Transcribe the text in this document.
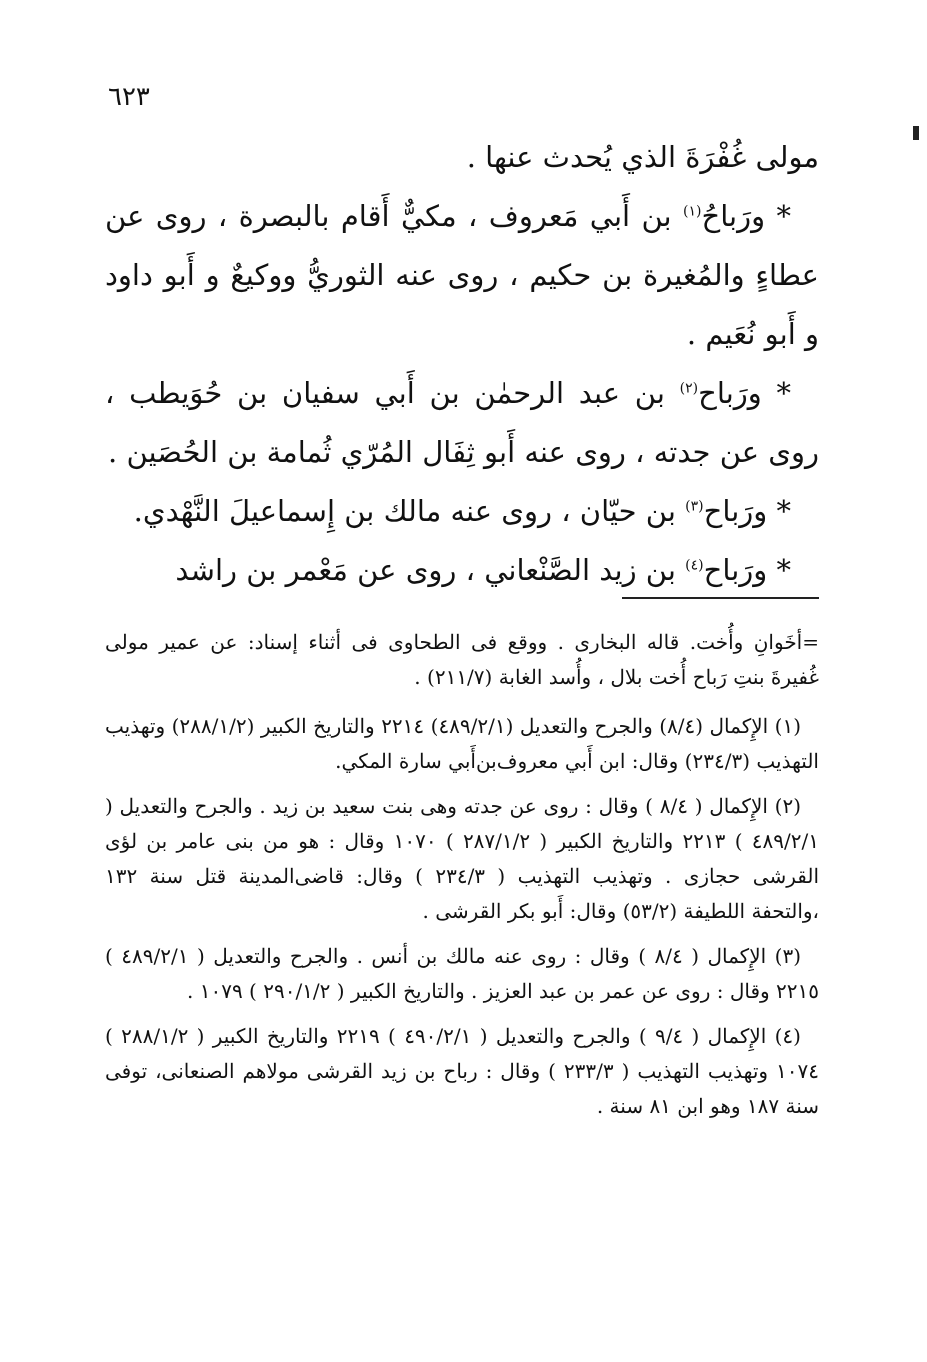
٦٢٣

مولى غُفْرَةَ الذي يُحدث عنها .

* ورَباحُ$^{(١)}$ بن أَبي مَعروف ، مكيٌّ أَقام بالبصرة ، روى عن عطاءٍ والمُغيرة بن حكيم ، روى عنه الثوريُّ ووكيعٌ و أَبو داود و أَبو نُعَيم .

* ورَباح$^{(٢)}$ بن عبد الرحمٰن بن أَبي سفيان بن حُوَيطب ، روى عن جدته ، روى عنه أَبو ثِفَال المُرّي ثُمامة بن الحُصَين .

* ورَباح$^{(٣)}$ بن حيّان ، روى عنه مالك بن إِسماعيلَ النَّهْدي.

* ورَباح$^{(٤)}$ بن زيد الصَّنْعاني ، روى عن مَعْمر بن راشد

=أخَوانِ وأُخت. قاله البخارى . ووقع فى الطحاوى فى أثناء إسناد: عن عمير مولى غُفيرةَ بنتِ رَباح أُخت بلال ، وأُسد الغابة (٢١١/٧) .

(١) الإِكمال (٨/٤) والجرح والتعديل (٤٨٩/٢/١) ٢٢١٤ والتاريخ الكبير (٢٨٨/١/٢) وتهذيب التهذيب (٢٣٤/٣) وقال: ابن أَبي معروف‌بن‌أَبي سارة المكي.

(٢) الإِكمال ( ٨/٤ ) وقال : روى عن جدته وهى بنت سعيد بن زيد . والجرح والتعديل ( ٤٨٩/٢/١ ) ٢٢١٣ والتاريخ الكبير ( ٢٨٧/١/٢ ) ١٠٧٠ وقال : هو من بنى عامر بن لؤى القرشى حجازى . وتهذيب التهذيب ( ٢٣٤/٣ ) وقال: قاضى‌المدينة قتل سنة ١٣٢ ،والتحفة اللطيفة (٥٣/٢) وقال: أَبو بكر القرشى .

(٣) الإِكمال ( ٨/٤ ) وقال : روى عنه مالك بن أنس . والجرح والتعديل ( ٤٨٩/٢/١ ) ٢٢١٥ وقال : روى عن عمر بن عبد العزيز . والتاريخ الكبير ( ٢٩٠/١/٢ ) ١٠٧٩ .

(٤) الإِكمال ( ٩/٤ ) والجرح والتعديل ( ٤٩٠/٢/١ ) ٢٢١٩ والتاريخ الكبير ( ٢٨٨/١/٢ ) ١٠٧٤ وتهذيب التهذيب ( ٢٣٣/٣ ) وقال : رباح بن زيد القرشى مولاهم الصنعانى، توفى سنة ١٨٧ وهو ابن ٨١ سنة .
